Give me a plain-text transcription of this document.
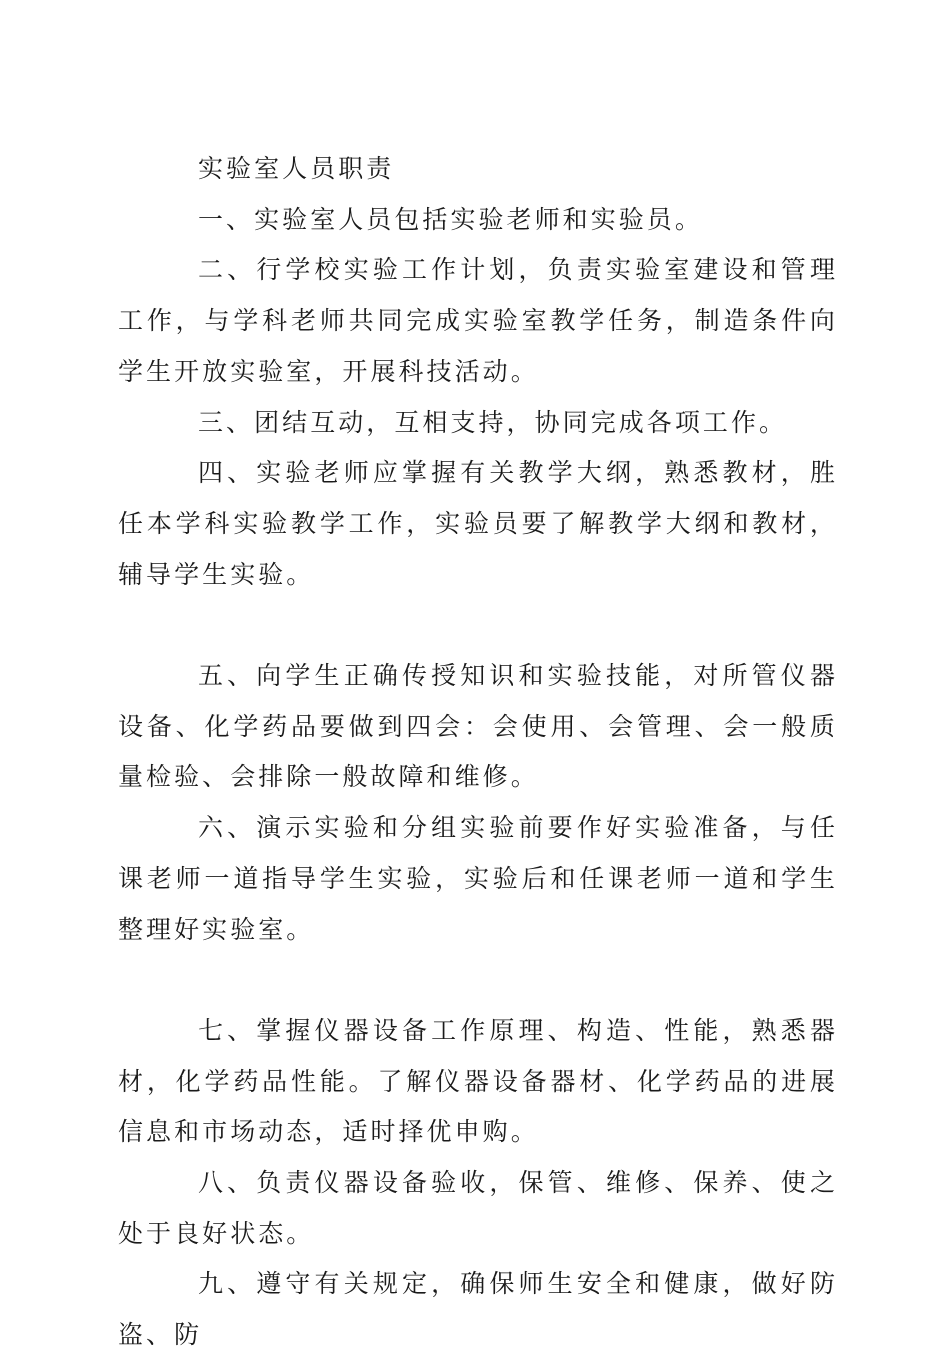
实验室人员职责

一、实验室人员包括实验老师和实验员。

二、行学校实验工作计划，负责实验室建设和管理工作，与学科老师共同完成实验室教学任务，制造条件向学生开放实验室，开展科技活动。

三、团结互动，互相支持，协同完成各项工作。

四、实验老师应掌握有关教学大纲，熟悉教材，胜任本学科实验教学工作，实验员要了解教学大纲和教材，辅导学生实验。

五、向学生正确传授知识和实验技能，对所管仪器设备、化学药品要做到四会：会使用、会管理、会一般质量检验、会排除一般故障和维修。

六、演示实验和分组实验前要作好实验准备，与任课老师一道指导学生实验，实验后和任课老师一道和学生整理好实验室。

七、掌握仪器设备工作原理、构造、性能，熟悉器材，化学药品性能。了解仪器设备器材、化学药品的进展信息和市场动态，适时择优申购。

八、负责仪器设备验收，保管、维修、保养、使之处于良好状态。

九、遵守有关规定，确保师生安全和健康，做好防盗、防
